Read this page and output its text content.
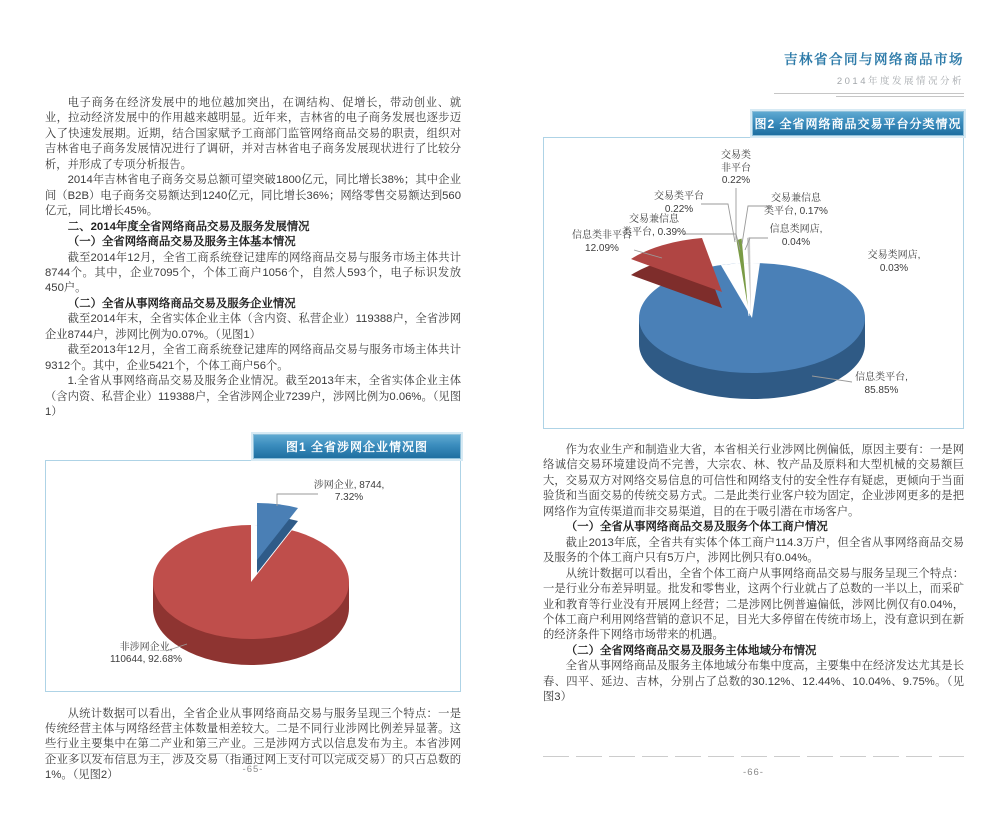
电子商务在经济发展中的地位越加突出，在调结构、促增长，带动创业、就业，拉动经济发展中的作用越来越明显。近年来，吉林省的电子商务发展也逐步迈入了快速发展期。近期，结合国家赋予工商部门监管网络商品交易的职责，组织对吉林省电子商务发展情况进行了调研，并对吉林省电子商务发展现状进行了比较分析，并形成了专项分析报告。

2014年吉林省电子商务交易总额可望突破1800亿元，同比增长38%；其中企业间（B2B）电子商务交易额达到1240亿元，同比增长36%；网络零售交易额达到560亿元，同比增长45%。

二、2014年度全省网络商品交易及服务发展情况

（一）全省网络商品交易及服务主体基本情况

截至2014年12月，全省工商系统登记建库的网络商品交易与服务市场主体共计8744个。其中，企业7095个，个体工商户1056个，自然人593个，电子标识发放450户。

（二）全省从事网络商品交易及服务企业情况

截至2014年末，全省实体企业主体（含内资、私营企业）119388户，全省涉网企业8744户，涉网比例为0.07%。（见图1）

截至2013年12月，全省工商系统登记建库的网络商品交易与服务市场主体共计9312个。其中，企业5421个，个体工商户56个。

1.全省从事网络商品交易及服务企业情况。截至2013年末，全省实体企业主体（含内资、私营企业）119388户，全省涉网企业7239户，涉网比例为0.06%。（见图1）

图1 全省涉网企业情况图
涉网企业, 8744,
7.32%
非涉网企业,
110644, 92.68%

从统计数据可以看出，全省企业从事网络商品交易与服务呈现三个特点：一是传统经营主体与网络经营主体数量相差较大。二是不同行业涉网比例差异显著。这些行业主要集中在第二产业和第三产业。三是涉网方式以信息发布为主。本省涉网企业多以发布信息为主，涉及交易（指通过网上支付可以完成交易）的只占总数的1%。（见图2）	-65-
吉林省合同与网络商品市场
2014年度发展情况分析
图2 全省网络商品交易平台分类情况
交易类
非平台
0.22%
交易类平台
0.22%
交易兼信息
类平台, 0.17%
交易兼信息
类平台, 0.39%
信息类非平台
12.09%
信息类网店,
0.04%
交易类网店,
0.03%
信息类平台,
85.85%

作为农业生产和制造业大省，本省相关行业涉网比例偏低，原因主要有：一是网络诚信交易环境建设尚不完善，大宗农、林、牧产品及原料和大型机械的交易额巨大，交易双方对网络交易信息的可信性和网络支付的安全性存有疑虑，更倾向于当面验货和当面交易的传统交易方式。二是此类行业客户较为固定，企业涉网更多的是把网络作为宣传渠道而非交易渠道，目的在于吸引潜在市场客户。

（一）全省从事网络商品交易及服务个体工商户情况

截止2013年底，全省共有实体个体工商户114.3万户，但全省从事网络商品交易及服务的个体工商户只有5万户，涉网比例只有0.04%。

从统计数据可以看出，全省个体工商户从事网络商品交易与服务呈现三个特点：一是行业分布差异明显。批发和零售业，这两个行业就占了总数的一半以上，而采矿业和教育等行业没有开展网上经营；二是涉网比例普遍偏低，涉网比例仅有0.04%，个体工商户利用网络营销的意识不足，目光大多停留在传统市场上，没有意识到在新的经济条件下网络市场带来的机遇。

（二）全省网络商品交易及服务主体地域分布情况

全省从事网络商品及服务主体地域分布集中度高，主要集中在经济发达尤其是长春、四平、延边、吉林，分别占了总数的30.12%、12.44%、10.04%、9.75%。（见图3）

-66-
